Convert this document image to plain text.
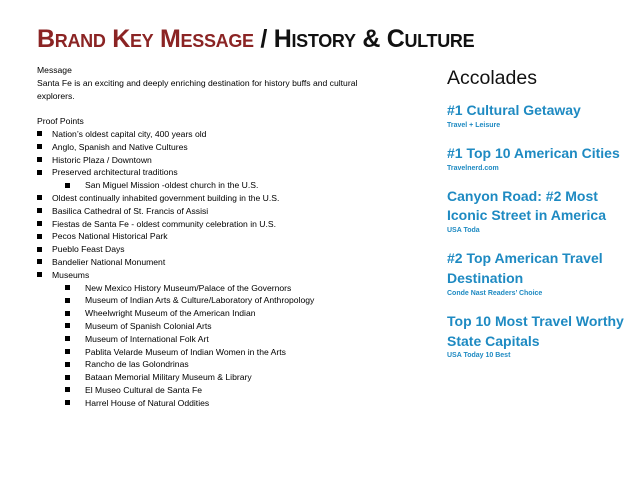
Brand Key Message / History & Culture

Message

Santa Fe is an exciting and deeply enriching destination for history buffs and cultural explorers.

Proof Points

Nation’s oldest capital city, 400 years old
Anglo, Spanish and Native Cultures
Historic Plaza / Downtown
Preserved architectural traditions
San Miguel Mission -oldest church in the U.S.
Oldest continually inhabited government building in the U.S.
Basilica Cathedral of St. Francis of Assisi
Fiestas de Santa Fe - oldest community celebration in U.S.
Pecos National Historical Park
Pueblo Feast Days
Bandelier National Monument
Museums
New Mexico History Museum/Palace of the Governors
Museum of Indian Arts & Culture/Laboratory of Anthropology
Wheelwright Museum of the American Indian
Museum of Spanish Colonial Arts
Museum of International Folk Art
Pablita Velarde Museum of Indian Women in the Arts
Rancho de las Golondrinas
Bataan Memorial Military Museum & Library
El Museo Cultural de Santa Fe
Harrel House of Natural Oddities
Accolades
#1 Cultural Getaway
Travel + Leisure
#1 Top 10 American Cities
Travelnerd.com
Canyon Road: #2 Most Iconic Street in America
USA Toda
#2 Top American Travel Destination
Conde Nast Readers’ Choice
Top 10 Most Travel Worthy State Capitals
USA Today 10 Best
